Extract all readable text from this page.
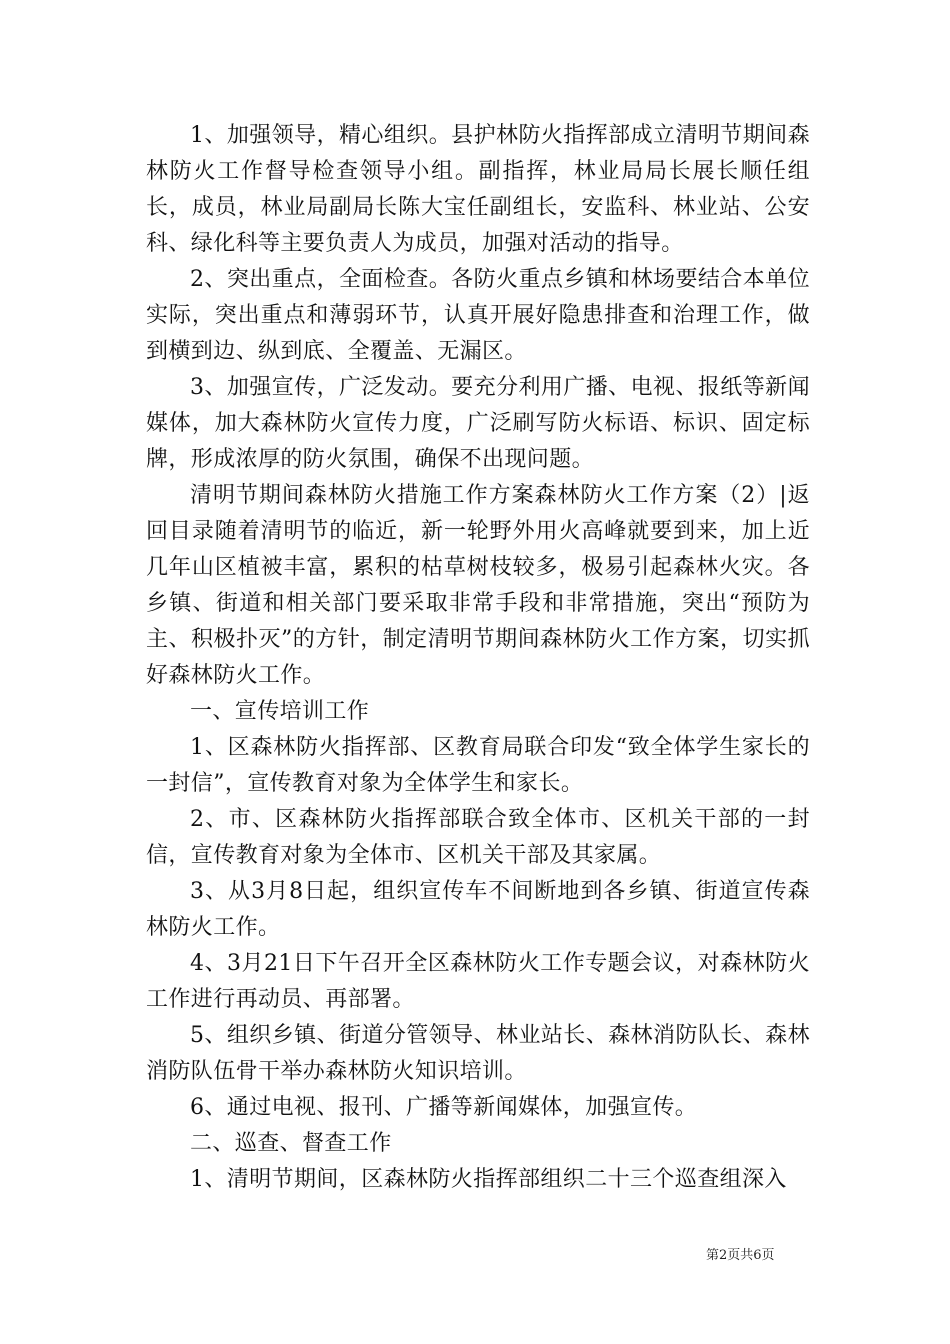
1、加强领导，精心组织。县护林防火指挥部成立清明节期间森林防火工作督导检查领导小组。副指挥，林业局局长展长顺任组长，成员，林业局副局长陈大宝任副组长，安监科、林业站、公安科、绿化科等主要负责人为成员，加强对活动的指导。

2、突出重点，全面检查。各防火重点乡镇和林场要结合本单位实际，突出重点和薄弱环节，认真开展好隐患排查和治理工作，做到横到边、纵到底、全覆盖、无漏区。

3、加强宣传，广泛发动。要充分利用广播、电视、报纸等新闻媒体，加大森林防火宣传力度，广泛刷写防火标语、标识、固定标牌，形成浓厚的防火氛围，确保不出现问题。

清明节期间森林防火措施工作方案森林防火工作方案（2）|返回目录随着清明节的临近，新一轮野外用火高峰就要到来，加上近几年山区植被丰富，累积的枯草树枝较多，极易引起森林火灾。各乡镇、街道和相关部门要采取非常手段和非常措施，突出“预防为主、积极扑灭”的方针，制定清明节期间森林防火工作方案，切实抓好森林防火工作。

一、宣传培训工作

1、区森林防火指挥部、区教育局联合印发“致全体学生家长的一封信”，宣传教育对象为全体学生和家长。

2、市、区森林防火指挥部联合致全体市、区机关干部的一封信，宣传教育对象为全体市、区机关干部及其家属。

3、从3月8日起，组织宣传车不间断地到各乡镇、街道宣传森林防火工作。

4、3月21日下午召开全区森林防火工作专题会议，对森林防火工作进行再动员、再部署。

5、组织乡镇、街道分管领导、林业站长、森林消防队长、森林消防队伍骨干举办森林防火知识培训。

6、通过电视、报刊、广播等新闻媒体，加强宣传。

二、巡查、督查工作

1、清明节期间，区森林防火指挥部组织二十三个巡查组深入

第2页共6页
